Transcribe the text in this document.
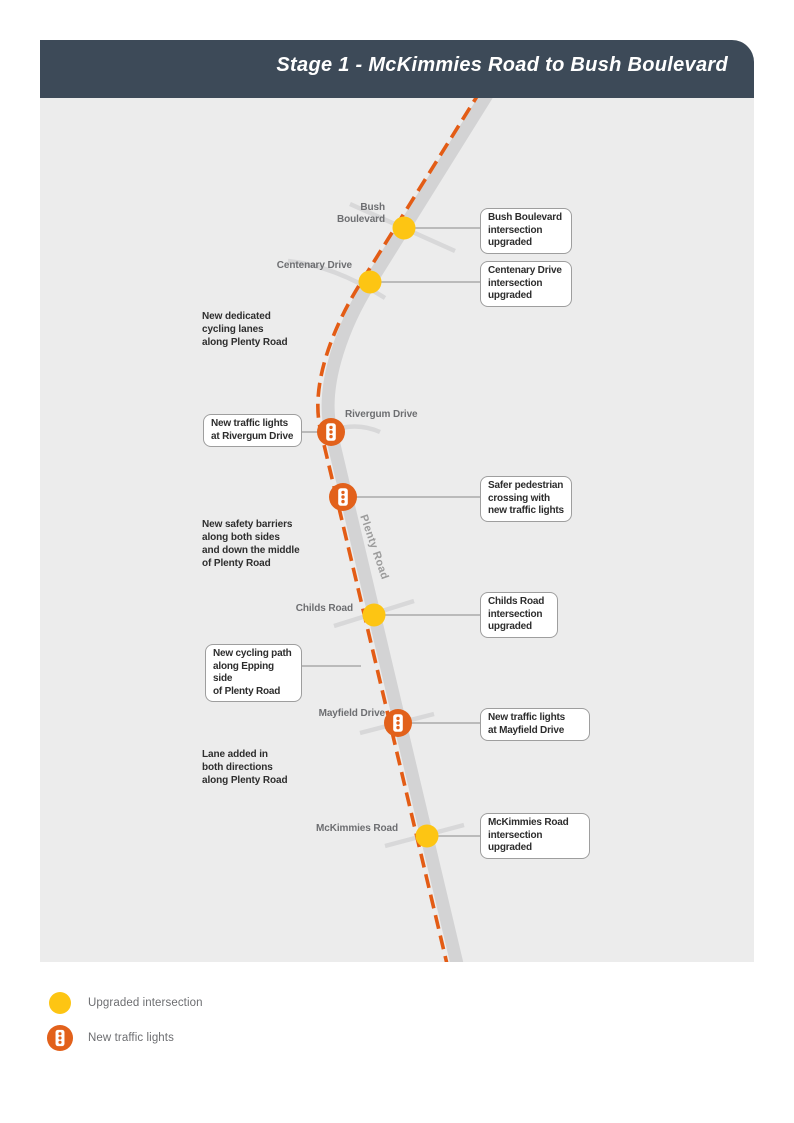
Stage 1 - McKimmies Road to Bush Boulevard
Bush
Boulevard
Centenary Drive
Rivergum Drive
Childs Road
Mayfield Drive
McKimmies Road
Plenty Road
Bush Boulevard
intersection
upgraded
Centenary Drive
intersection
upgraded
New traffic lights
at Rivergum Drive
Safer pedestrian
crossing with
new traffic lights
Childs Road
intersection
upgraded
New cycling path
along Epping side
of Plenty Road
New traffic lights
at Mayfield Drive
McKimmies Road
intersection upgraded
New dedicated
cycling lanes
along Plenty Road
New safety barriers
along both sides
and down the middle
of Plenty Road
Lane added in
both directions
along Plenty Road
Upgraded intersection
New traffic lights
